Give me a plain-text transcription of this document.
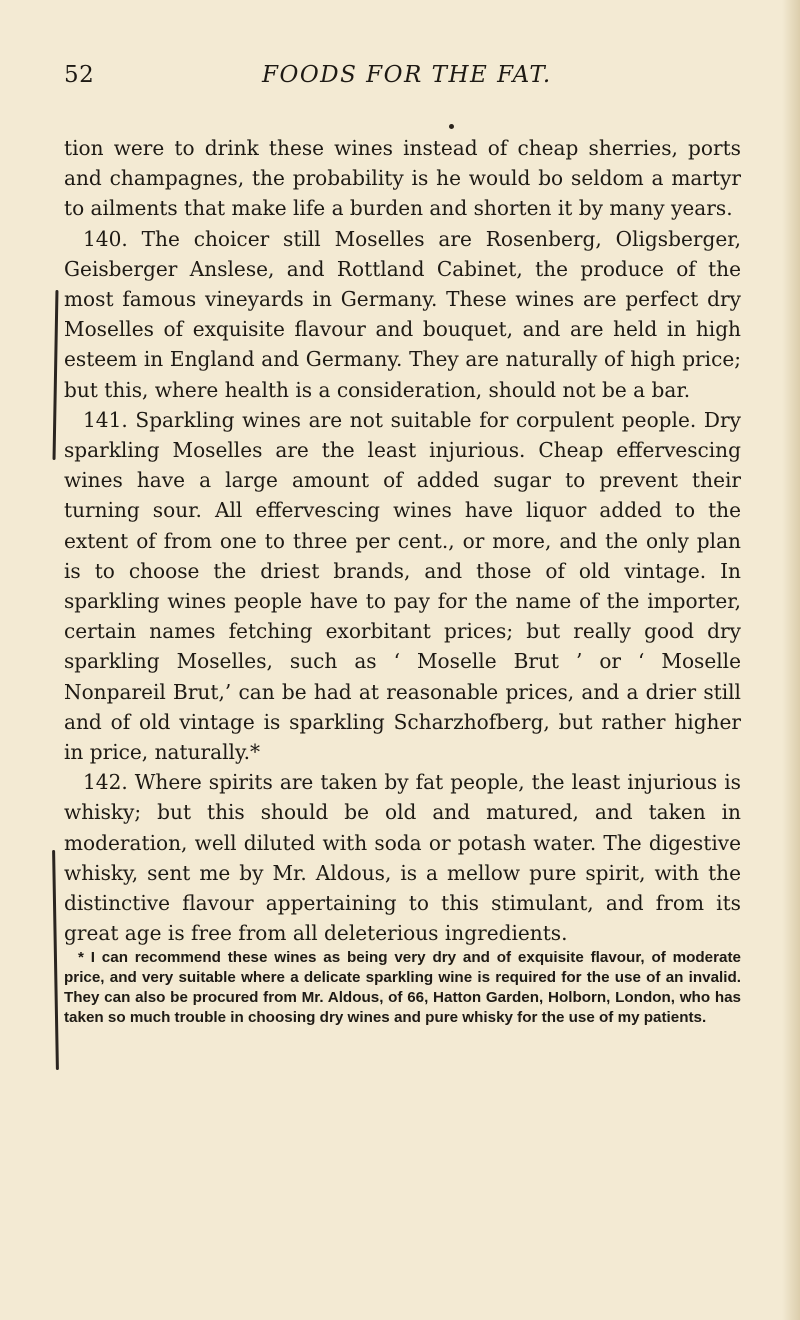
52	FOODS FOR THE FAT.

tion were to drink these wines instead of cheap sherries, ports and champagnes, the probability is he would bo seldom a martyr to ailments that make life a burden and shorten it by many years.

140. The choicer still Moselles are Rosenberg, Oligsberger, Geisberger Anslese, and Rottland Cabinet, the produce of the most famous vineyards in Germany. These wines are perfect dry Moselles of exquisite flavour and bouquet, and are held in high esteem in England and Germany. They are naturally of high price; but this, where health is a consideration, should not be a bar.

141. Sparkling wines are not suitable for corpulent people. Dry sparkling Moselles are the least injurious. Cheap effervescing wines have a large amount of added sugar to prevent their turning sour. All effervescing wines have liquor added to the extent of from one to three per cent., or more, and the only plan is to choose the driest brands, and those of old vintage. In sparkling wines people have to pay for the name of the importer, certain names fetching exorbitant prices; but really good dry sparkling Moselles, such as ‘ Moselle Brut ’ or ‘ Moselle Nonpareil Brut,’ can be had at reasonable prices, and a drier still and of old vintage is sparkling Scharzhofberg, but rather higher in price, naturally.*

142. Where spirits are taken by fat people, the least injurious is whisky; but this should be old and matured, and taken in moderation, well diluted with soda or potash water. The digestive whisky, sent me by Mr. Aldous, is a mellow pure spirit, with the distinctive flavour appertaining to this stimulant, and from its great age is free from all deleterious ingredients.

* I can recommend these wines as being very dry and of exquisite flavour, of moderate price, and very suitable where a delicate sparkling wine is required for the use of an invalid. They can also be procured from Mr. Aldous, of 66, Hatton Garden, Holborn, London, who has taken so much trouble in choosing dry wines and pure whisky for the use of my patients.
